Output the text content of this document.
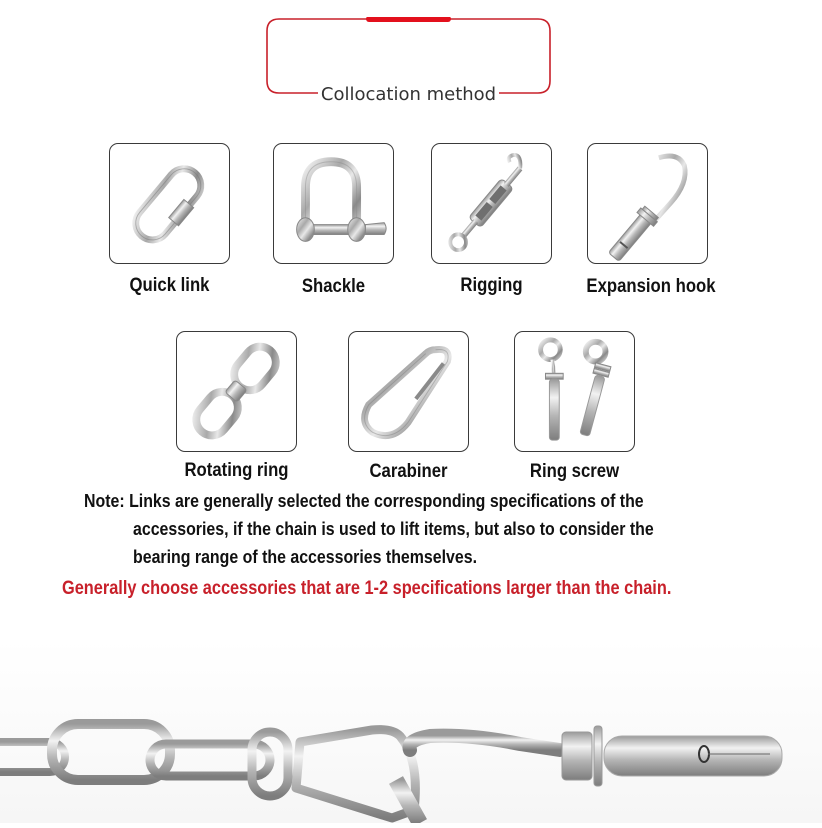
Collocation method
Quick link	Shackle	Rigging	Expansion hook
Rotating ring	Carabiner	Ring screw
Note: Links are generally selected the corresponding specifications of the
accessories, if the chain is used to lift items, but also to consider the
bearing range of the accessories themselves.
Generally choose accessories that are 1-2 specifications larger than the chain.
